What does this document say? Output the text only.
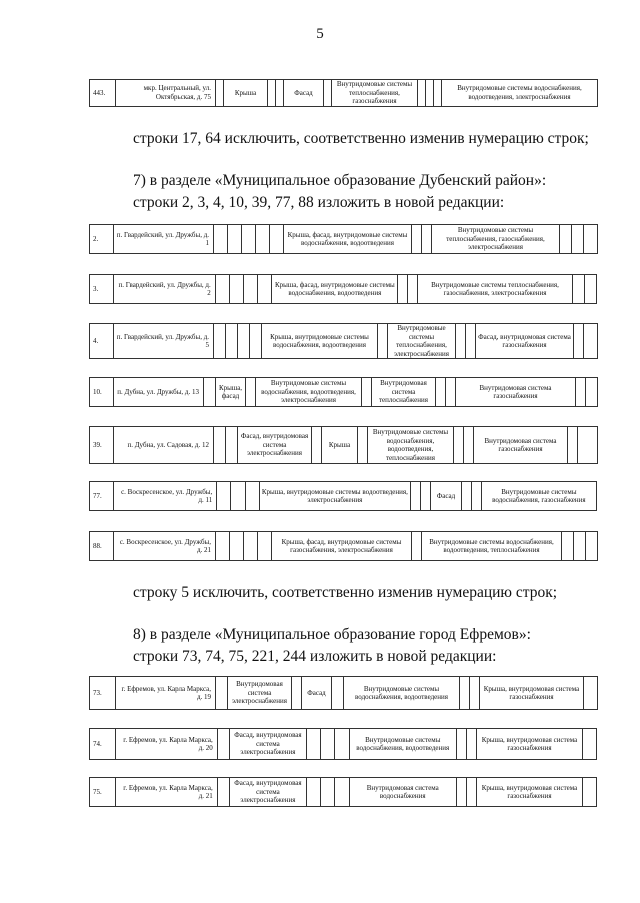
5
443.	мкр. Центральный, ул. Октябрьская, д. 75		Крыша			Фасад		Внутридомовые системы теплоснабжения, газоснабжения				Внутридомовые системы водоснабжения, водоотведения, электроснабжения
строки 17, 64 исключить, соответственно изменив нумерацию строк;
7) в разделе «Муниципальное образование Дубенский район»:
строки 2, 3, 4, 10, 39, 77, 88 изложить в новой редакции:
2.	п. Гвардейский, ул. Дружбы, д. 1						Крыша, фасад, внутридомовые системы водоснабжения, водоотведения			Внутридомовые системы теплоснабжения, газоснабжения, электроснабжения			
3.	п. Гвардейский, ул. Дружбы, д. 2					Крыша, фасад, внутридомовые системы водоснабжения, водоотведения			Внутридомовые системы теплоснабжения, газоснабжения, электроснабжения		
4.	п. Гвардейский, ул. Дружбы, д. 5					Крыша, внутридомовые системы водоснабжения, водоотведения		Внутридомовые системы теплоснабжения, электроснабжения			Фасад, внутридомовая система газоснабжения		
10.	п. Дубна, ул. Дружбы, д. 13		Крыша, фасад		Внутридомовые системы водоснабжения, водоотведения, электроснабжения		Внутридомовая система теплоснабжения			Внутридомовая система газоснабжения		
39.	п. Дубна, ул. Садовая, д. 12			Фасад, внутридомовая система электроснабжения		Крыша		Внутридомовые системы водоснабжения, водоотведения, теплоснабжения			Внутридомовая система газоснабжения		
77.	с. Воскресенское, ул. Дружбы, д. 11				Крыша, внутридомовые системы водоотведения, электроснабжения			Фасад			Внутридомовые системы водоснабжения, газоснабжения
88.	с. Воскресенское, ул. Дружбы, д. 21					Крыша, фасад, внутридомовые системы газоснабжения, электроснабжения		Внутридомовые системы водоснабжения, водоотведения, теплоснабжения			
строку 5 исключить, соответственно изменив нумерацию строк;
8) в разделе «Муниципальное образование город Ефремов»:
строки 73, 74, 75, 221, 244 изложить в новой редакции:
73.	г. Ефремов, ул. Карла Маркса, д. 19		Внутридомовая система электроснабжения		Фасад		Внутридомовые системы водоснабжения, водоотведения			Крыша, внутридомовая система газоснабжения	
74.	г. Ефремов, ул. Карла Маркса, д. 20		Фасад, внутридомовая система электроснабжения				Внутридомовые системы водоснабжения, водоотведения			Крыша, внутридомовая система газоснабжения	
75.	г. Ефремов, ул. Карла Маркса, д. 21		Фасад, внутридомовая система электроснабжения				Внутридомовая система водоснабжения			Крыша, внутридомовая система газоснабжения	
